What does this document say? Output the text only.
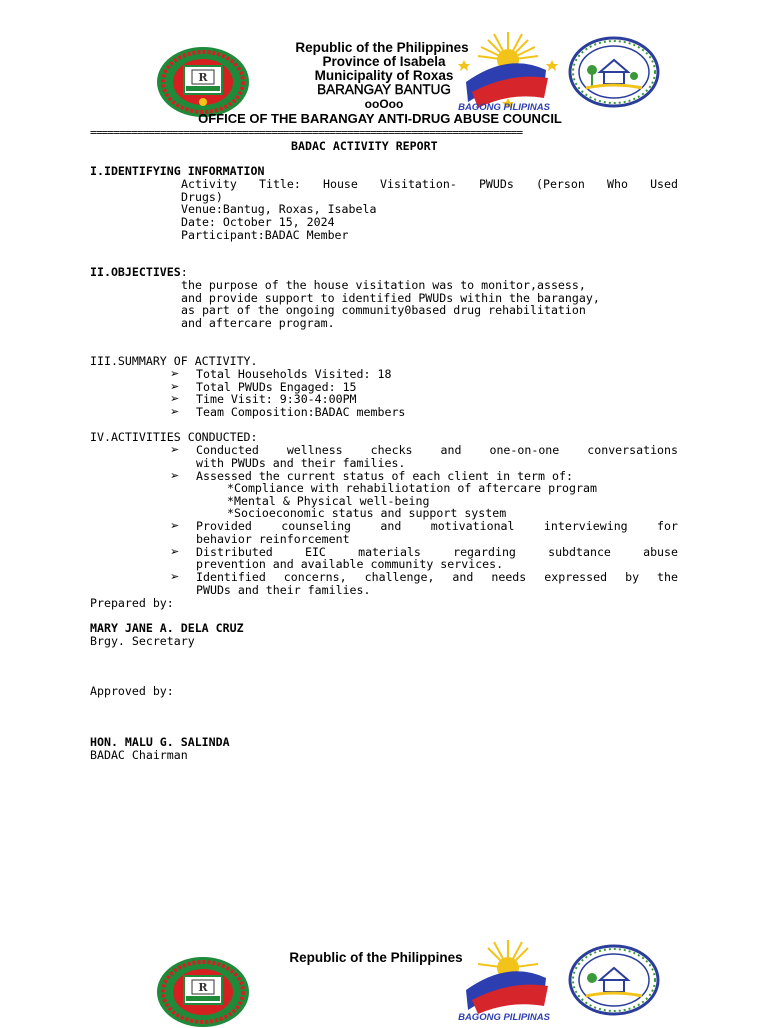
R
BAGONG PILIPINAS
Republic of the Philippines
Province of Isabela
Municipality of Roxas
BARANGAY BANTUG
ooOoo
OFFICE OF THE BARANGAY ANTI-DRUG ABUSE COUNCIL
==========================================================================
BADAC ACTIVITY REPORT
I.IDENTIFYING INFORMATION
Activity Title: House Visitation- PWUDs (Person Who Used
Drugs)
Venue:Bantug, Roxas, Isabela
Date: October 15, 2024
Participant:BADAC Member
II.OBJECTIVES:
the purpose of the house visitation was to monitor,assess,
and provide support to identified PWUDs within the barangay,
as part of the ongoing community0based drug rehabilitation
and aftercare program.
III.SUMMARY OF ACTIVITY.
➢ Total Households Visited: 18
➢ Total PWUDs Engaged: 15
➢ Time Visit: 9:30-4:00PM
➢ Team Composition:BADAC members
IV.ACTIVITIES CONDUCTED:
➢ Conducted wellness checks and one-on-one conversations
with PWUDs and their families.
➢ Assessed the current status of each client in term of:
*Compliance with rehabiliotation of aftercare program
*Mental & Physical well-being
*Socioeconomic status and support system
➢ Provided counseling and motivational interviewing for
behavior reinforcement
➢ Distributed EIC materials regarding subdtance abuse
prevention and available community services.
➢ Identified concerns, challenge, and needs expressed by the
PWUDs and their families.
Prepared by:
MARY JANE A. DELA CRUZ
Brgy. Secretary
Approved by:
HON. MALU G. SALINDA
BADAC Chairman
R
Republic of the Philippines
BAGONG PILIPINAS
